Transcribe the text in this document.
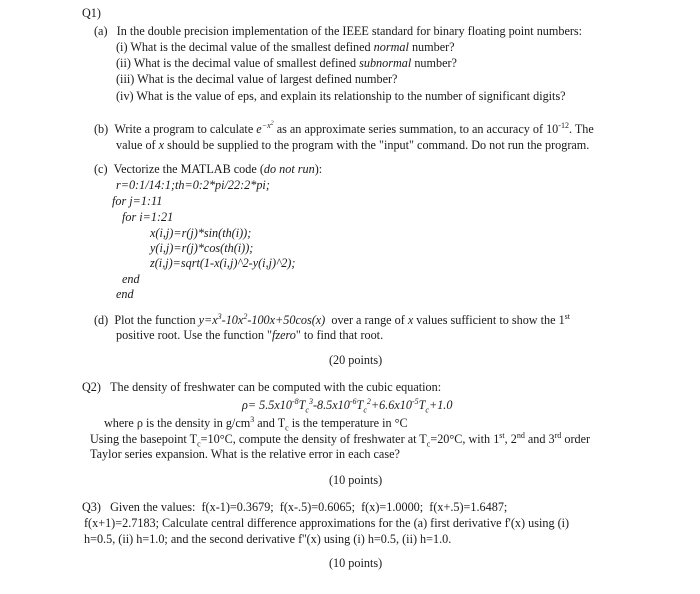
Q1)
(a) In the double precision implementation of the IEEE standard for binary floating point numbers:
(i) What is the decimal value of the smallest defined normal number?
(ii) What is the decimal value of smallest defined subnormal number?
(iii) What is the decimal value of largest defined number?
(iv) What is the value of eps, and explain its relationship to the number of significant digits?
(b) Write a program to calculate $e^{-x^2}$ as an approximate series summation, to an accuracy of $10^{-12}$. The
value of x should be supplied to the program with the "input" command. Do not run the program.
(c) Vectorize the MATLAB code (do not run):
r=0:1/14:1;th=0:2*pi/22:2*pi;
for j=1:11
for i=1:21
x(i,j)=r(j)*sin(th(i));
y(i,j)=r(j)*cos(th(i));
z(i,j)=sqrt(1-x(i,j)^2-y(i,j)^2);
end
end
(d) Plot the function $y=x^3-10x^2-100x+50\cos(x)$  over a range of x values sufficient to show the 1st
positive root. Use the function "fzero" to find that root.
(20 points)
Q2) The density of freshwater can be computed with the cubic equation:
$\rho= 5.5x10^{-8}T_c^3-8.5x10^{-6}T_c^2+6.6x10^{-5}T_c+1.0$
where ρ is the density in $g/cm^3$ and $T_c$ is the temperature in °C
Using the basepoint $T_c=10^\circ C$, compute the density of freshwater at $T_c=20^\circ C$, with 1st, 2nd and 3rd order
Taylor series expansion. What is the relative error in each case?
(10 points)
Q3) Given the values:  f(x-1)=0.3679;  f(x-.5)=0.6065;  f(x)=1.0000;  f(x+.5)=1.6487;
f(x+1)=2.7183; Calculate central difference approximations for the (a) first derivative f'(x) using (i)
h=0.5, (ii) h=1.0; and the second derivative f''(x) using (i) h=0.5, (ii) h=1.0.
(10 points)
